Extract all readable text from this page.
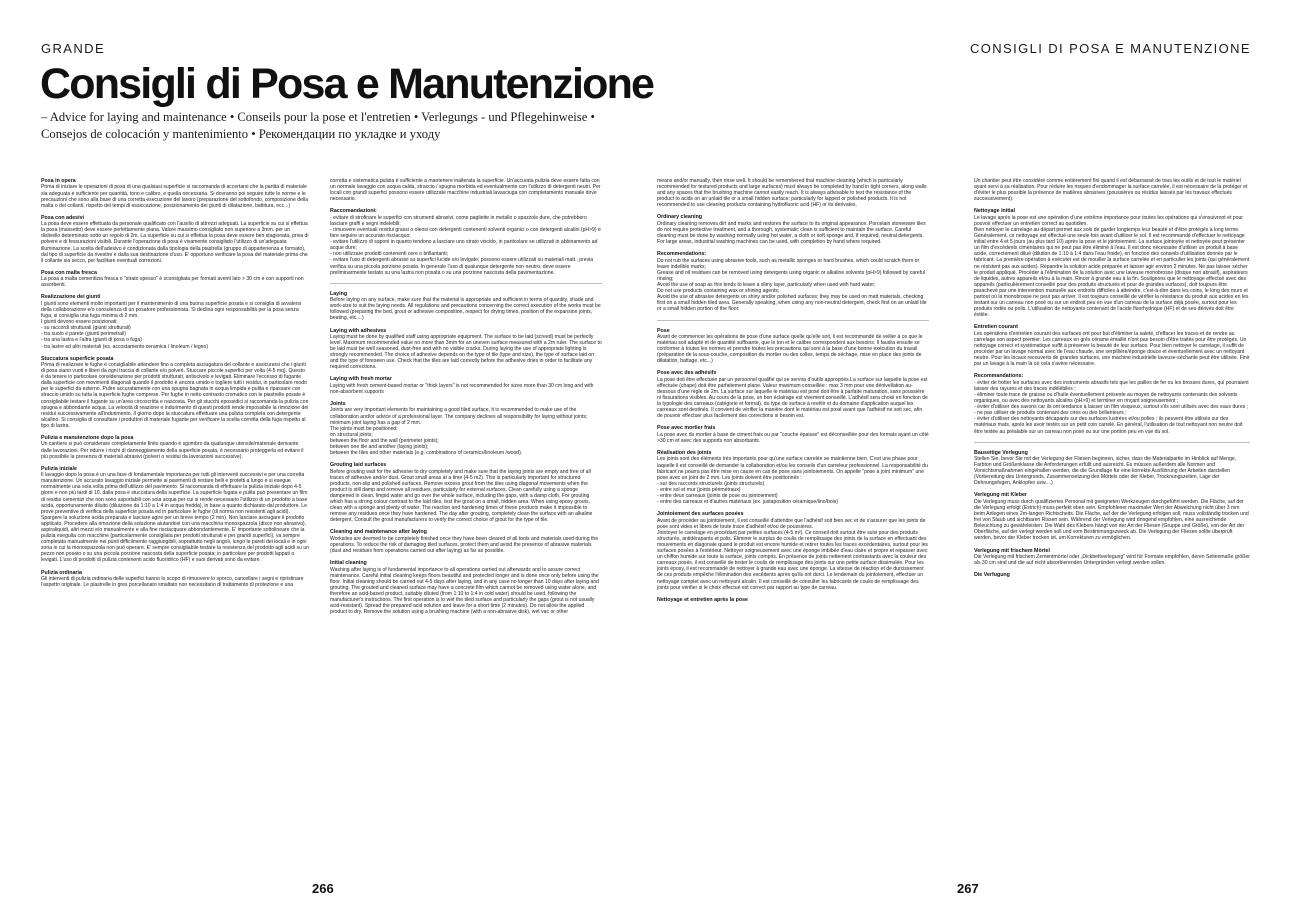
GRANDE	CONSIGLI DI POSA E MANUTENZIONE
Consigli di Posa e Manutenzione

– Advice for laying and maintenance • Conseils pour la pose et l'entretien • Verlegungs - und Pflegehinweise • Consejos de colocación y mantenimiento • Рекомендации по укладке и уходу

Posa in opera

Prima di iniziare le operazioni di posa di una qualsiasi superficie si raccomanda di accertarsi che la partita di materiale sia adeguata e sufficiente per quantità, tono e calibro, e quella necessaria. Si dovranno poi seguire tutte le norme e le precauzioni che sono alla base di una corretta esecuzione del lavoro (preparazione del sottofondo, composizione della malta o dei collanti, rispetto dei tempi di essiccazione, posizionamento dei giunti di dilatazione, battitura, ecc...)

Posa con adesivi

La posa deve essere effettuata da personale qualificato con l'ausilio di attrezzi adeguati. La superficie su cui si effettua la posa (massetto) deve essere perfettamente piana. Valore massimo consigliato non superiore a 3mm. per un dislivello determinato sotto un regolo di 2m. La superficie su cui si effettua la posa deve essere ben stagionata, priva di polvere e di fessurazioni visibili. Durante l'operazione di posa è vivamente consigliato l'utilizzo di un'adeguata illuminazione. La scelta dell'adesivo è condizionata dalla tipologia della piastrella (gruppo di appartenenza e formato), dal tipo di superficie da rivestire e dalla sua destinazione d'uso. E' opportuno verificare la posa del materiale prima che il collante sia secco, per facilitare eventuali correzioni.

Posa con malta fresca

La posa a malta cementizia fresca o "strato spesso" è sconsigliata per formati aventi lato > 30 cm e con supporti non assorbenti.

Realizzazione dei giunti

I giunti sono elementi molto importanti per il mantenimento di una buona superficie posata e si consiglia di avvalersi della collaborazione e/o consulenza di un posatore professionista. Si declina ogni responsabilità per la posa senza fuga; si consiglia una fuga minima di 2 mm.
I giunti devono essere posizionati:
- su raccordi strutturali (giunti strutturali)
- tra suolo e parete (giunti perimetrali)
- tra una lastra e l'altra (giunti di posa o fuga)
- tra lastre ed altri materiali (es. accostamento ceramica / linoleum / legno)

Stuccatura superficie posata

Prima di realizzare le fughe è consigliabile attendere fino a completa asciugatura del collante e assicurarsi che i giunti di posa siano vuoti e liberi da ogni traccia di collante e/o polveri. Stuccare piccole superfici per volta (4-5 mq). Questo è da tenere in particolare considerazione per prodotti strutturati, antiscivolo e levigati. Eliminare l'eccesso di fugante dalla superficie con movimenti diagonali quando il prodotto è ancora umido e togliere tutti i residui, in particolare modo per le superfici da esterno. Pulire accuratamente con una spugna bagnata in acqua limpida e pulita e ripassare con straccio umido su tutta la superficie fughe comprese. Per fughe in netto contrasto cromatico con le piastrelle posate è consigliabile testare il fugante su un'area circoscritta e nascosta. Per gli stucchi epossidici si raccomanda la pulizia con spugna e abbondante acqua. La velocità di reazione e indurimento di questi prodotti rende impossibile la rimozione dei residui successivamente all'indurimento. Il giorno dopo la stuccatura effettuare una pulizia completa con detergente alcalino. Si consiglia di consultare i produttori di materiale fugante per verificare la scelta corretta della fuga rispetto al tipo di lastra.

Pulizia e manutenzione dopo la posa

Un cantiere si può considerare completamente finito quando è sgombro da qualunque utensile/materiale derivante dalle lavorazioni. Per ridurre i rischi di danneggiamento della superficie posata, è necessario proteggerla ed evitare il più possibile la presenza di materiali abrasivi (polveri o residui da lavorazioni successive).

Pulizia iniziale

Il lavaggio dopo la posa è un una fase di fondamentale importanza per tutti gli interventi successivi e per una corretta manutenzione. Un accurato lavaggio iniziale permette ai pavimenti di restare belli e protetti a lungo e si esegue normalmente una sola volta prima dell'utilizzo del pavimento. Si raccomanda di effettuare la pulizia iniziale dopo 4-5 giorni e non più tardi di 10, dalla posa e stuccatura della superficie. La superficie fugata e pulita può presentare un film di residui cementizi che non sono asportabili con sola acqua per cui si rende necessario l'utilizzo di un prodotto a base acida, opportunamente diluito (diluizione da 1:10 a 1:4 in acqua fredda), in base a quanto dichiarato dal produttore. Le prove preventive di verifica della superficie posata ed in particolare le fughe (di norma non resistenti agli acidi). Spargere la soluzione acida preparata e lasciare agire per un breve tempo (2 min). Non lasciare asciugare il prodotto applicato. Procedere alla rimozione della soluzione aiutandosi con una macchina monospazzola (disco non abrasivo), aspiraliquidi, altri mezzi e/o manualmente e alla fine risciacquare abbondantemente. E' importante sottolineare che la pulizia eseguita con macchine (particolarmente consigliata per prodotti strutturati e per grandi superfici), va sempre completata manualmente nei punti difficilmente raggiungibili, soprattutto negli angoli, lungo le pareti dei locali e in ogni zona in cui la monospazzola non può operare. E' sempre consigliabile testare la resistenza del prodotto agli acidi su un pezzo non posato o su una piccola porzione nascosta della superficie posata; in particolare per prodotti lappati o levigati. L'uso di prodotti di pulizia contenenti acido fluoridrico (HF) e suoi derivati sono da evitare.

Pulizia ordinaria

Gli interventi di pulizia ordinaria delle superfici hanno lo scopo di rimuovere lo sporco, cancellare i segni e ripristinare l'aspetto originale. Le piastrelle in gres porcellanato smaltato non necessitano di trattamento di protezione e una

corretta e sistematica pulizia è sufficiente a mantenere inalterata la superficie. Un'accurata pulizia deve essere fatta con un normale lavaggio con acqua calda, straccio / spugna morbida ed eventualmente con l'utilizzo di detergenti neutri. Per locali con grandi superfici possono essere utilizzate macchine industriali lavasciuga con completamento manuale dove necessario.

Raccomandazioni:

- evitare di strofinare le superfici con strumenti abrasivi, come pagliette in metallo o spazzole dure, che potrebbero lasciare graffi e segni indelebili;
- rimuovere eventuali residui grassi o oleosi con detergenti contenenti solventi organici o con detergenti alcalini (pH>9) e fare seguire un accurato risciacquo;
- evitare l'utilizzo di saponi in quanto tendono a lasciare uno strato viscido, in particolare se utilizzati in abbinamento ad acque dure;
- non utilizzare prodotti contenenti cere o brillantanti;
- evitare l'uso di detergenti abrasivi su superfici lucide e/o levigate; possono essere utilizzati su materiali matt., previa verifica su una piccola porzione posata. In generale l'uso di qualunque detergente non neutro, deve essere preliminarmente testato su una lastra non posata o su una porzione nascosta della pavimentazione.

Laying

Before laying on any surface, make sure that the material is appropriate and sufficient in terms of quantity, shade and work-size to suit the laying needs. All regulations and precautions concerning the correct execution of the works must be followed (preparing the bed, grout or adhesive composition, respect for drying times, position of the expansion joints, beating, etc....)

Laying with adhesives

Laying must be done by qualified staff using appropriate equipment. The surface to be laid (screed) must be perfectly level. Maximum recommended value no more than 3mm for an uneven surface measured with a 2m ruler. The surface to be laid must be well seasoned, dust-free and with no visible cracks. During laying the use of appropriate lighting is strongly recommended. The choice of adhesive depends on the type of tile (type and size), the type of surface laid on and the type of foreseen use. Check that the tiles are laid correctly before the adhesive dries in order to facilitate any required corrections.

Laying with fresh mortar

Laying with fresh cement-based mortar or "thick layers" is not recommended for sizes more than 30 cm long and with non-absorbent supports

Joints

Joints are very important elements for maintaining a good tiled surface, it is recommended to make use of the collaboration and/or advice of a professional layer. The company declines all responsibility for laying without joints; minimum joint laying has a gap of 2 mm.
The joints must be positioned:
on structural joints;
between the floor and the wall (perimeter joints);
between one tile and another (laying joints);
between the tiles and other materials (e.g. combinations of ceramics/linoleum /wood).

Grouting laid surfaces

Before grouting wait for the adhesive to dry completely and make sure that the laying joints are empty and free of all traces of adhesive and/or dust. Grout small areas at a time (4-5 m2). This is particularly important for structured products, non-slip and polished surfaces. Remove excess grout from the tiles using diagonal movements when the product is still damp and remove all residues, particularly for external surfaces. Clean carefully using a sponge dampened in clean, limpid water and go over the whole surface, including the gaps, with a damp cloth. For grouting which has a strong colour contrast to the laid tiles, test the grout on a small, hidden area. When using epoxy grouts, clean with a sponge and plenty of water. The reaction and hardening times of these products make it impossible to remove any residues once they have hardened. The day after grouting, completely clean the surface with an alkaline detergent. Consult the grout manufacturers to verify the correct choice of grout for the type of tile.

Cleaning and maintenance after laying

Worksites are deemed to be completely finished once they have been cleared of all tools and materials used during the operations. To reduce the risk of damaging tiled surfaces, protect them and avoid the presence of abrasive materials (dust and residues from operations carried out after laying) as far as possible.

Initial cleaning

Washing after laying is of fundamental importance to all operations carried out afterwards and to assure correct maintenance. Careful initial cleaning keeps floors beautiful and protected longer and is done once only before using the floor. Initial cleaning should be carried out 4-5 days after laying, and in any case no longer than 10 days after laying and grouting. The grouted and cleaned surface may have a concrete film which cannot be removed using water alone, and therefore an acid-based product, suitably diluted (from 1:10 to 1:4 in cold water) should be used, following the manufacturer's instructions. The first operation is to wet the tiled surface and particularly the gaps (grout is not usually acid-resistant). Spread the prepared acid solution and leave for a short time (2 minutes). Do not allow the applied product to dry. Remove the solution using a brushing machine (with a non-abrasive disk), wet vac or other

means and/or manually, then rinse well. It should be remembered that machine cleaning (which is particularly recommended for textured products and large surfaces) must always be completed by hand in tight corners, along walls and any spaces that the brushing machine cannot easily reach. It is always advisable to test the resistance of the product to acids on an unlaid tile or a small hidden surface; particularly for lapped or polished products. It is not recommended to use cleaning products containing hydrofluoric acid (HF) or its derivates.

Ordinary cleaning

Ordinary cleaning removes dirt and marks and restores the surface to its original appearance. Porcelain stoneware tiles do not require protective treatment, and a thorough, systematic clean is sufficient to maintain the surface. Careful cleaning must be done by washing normally using hot water, a cloth or soft sponge and, if required, neutral detergents. For large areas, industrial washing machines can be used, with completion by hand where required.

Recommendations:

Do not rub the surfaces using abrasive tools, such as metallic sponges or hard brushes, which could scratch them or leave indelible marks;
Grease and oil residues can be removed using detergents using organic or alkaline solvents (pH>9) followed by careful rinsing;
Avoid the use of soap as this tends to leave a slimy layer, particularly when used with hard water;
Do not use products containing wax or shining agents;
Avoid the use of abrasive detergents on shiny and/or polished surfaces; they may be used on matt materials, checking first on a small hidden tiled area. Generally speaking, when using any non-neutral detergent, check first on an unlaid tile or a small hidden portion of the floor.

Pose

Avant de commencer les opérations de pose d'une surface quelle qu'elle soit, il est recommandé de veiller à ce que le matériau soit adapté et de quantité suffisante, que le ton et le calibre correspondent aux besoins. Il faudra ensuite se conformer à toutes les normes et prendre toutes les précautions qui sont à la base d'une bonne exécution du travail (préparation de la sous-couche, composition du mortier ou des colles, temps de séchage, mise en place des joints de dilatation, battage, etc...)

Pose avec des adhésifs

La pose doit être effectuée par un personnel qualifié qui se servira d'outils appropriés.La surface sur laquelle la pose est effectuée (chape) doit être parfaitement plane. Valeur maximum conseillée : max 3 mm pour une dénivellation au-dessous d'une règle de 2m. La surface sur laquelle le matériau est posé doit être à parfaite maturation, sans poussière ni fissurations visibles. Au cours de la pose, un bon éclairage est vivement conseillé. L'adhésif sera choisi en fonction de la typologie des carreaux (catégorie et format), du type de surface à revêtir et du domaine d'application auquel les carreaux sont destinés. Il convient de vérifier la manière dont le matériau est posé avant que l'adhésif ne soit sec, afin de pouvoir effectuer plus facilement des corrections si besoin est.

Pose avec mortier frais

La pose avec du mortier à base de ciment frais ou par "couche épaisse" est déconseillée pour des formats ayant un côté >30 cm et avec des supports non absorbants.

Réalisation des joints

Les joints sont des éléments très importants pour qu'une surface carrelée se maintienne bien. C'est une phase pour laquelle il est conseillé de demander la collaboration et/ou les conseils d'un carreleur professionnel. La responsabilité du fabricant ne pourra pas être mise en cause en cas de pose sans jointoiements. On appelle "pose à joint minimum" une pose avec un joint de 2 mm. Les joints doivent être positionnés :
- sur des raccords structurels (joints structurels)
- entre sol et mur (joints périmétraux)
- entre deux carreaux (joints de pose ou jointoiement)
- entre des carreaux et d'autres matériaux (ex. juxtaposition céramique/lino/bois)

Jointoiement des surfaces posées

Avant de procéder au jointoiement, il est conseillé d'attendre que l'adhésif soit bien sec et de s'assurer que les joints de pose sont vides et libres de toute trace d'adhésif et/ou de poussières.
Jointoyer le carrelage en procédant par petites surfaces (4-5 m²). Ce conseil doit surtout être suivi pour des produits structurés, antidérapants et polis. Éliminer le surplus de coulis de remplissage des joints de la surface en effectuant des mouvements en diagonale quand le produit est encore humide et retirer toutes les traces excédentaires, surtout pour les surfaces posées à l'extérieur. Nettoyer soigneusement avec une éponge imbibée d'eau claire et propre et repasser avec un chiffon humide sur toute la surface, joints compris. En présence de joints nettement contrastants avec la couleur des carreaux posés, il est conseillé de tester le coulis de remplissage des joints sur une petite surface dissimulée. Pour les joints époxy, il est recommandé de nettoyer à grande eau avec une éponge. La vitesse de réaction et de durcissement de ces produits empêche l'élimination des excédents après qu'ils ont durci. Le lendemain du jointoiement, effectuer un nettoyage complet avec un nettoyant alcalin. Il est conseillé de consulter les fabricants de coulis de remplissage des joints pour vérifier si le choix effectué est correct par rapport au type de carreau.

Nettoyage et entretien après la pose

Un chantier peut être considéré comme entièrement fini quand il est débarrassé de tous les outils et de tout le matériel ayant servi à sa réalisation. Pour réduire les risques d'endommager la surface carrelée, il est nécessaire de la protéger et d'éviter le plus possible la présence de matières abrasives (poussières ou résidus laissés par les travaux effectués successivement).

Nettoyage initial

Le lavage après la pose est une opération d'une extrême importance pour toutes les opérations qui s'ensuivront et pour pouvoir effectuer un entretien correct au quotidien.
Bien nettoyer le carrelage au départ permet aux sols de garder longtemps leur beauté et d'être protégés à long terme. Généralement, ce nettoyage est effectué une seule fois avant d'utiliser le sol. Il est recommandé d'effectuer le nettoyage initial entre 4 et 5 jours (au plus tard 10) après la pose et le jointoiement. La surface jointoyée et nettoyée peut présenter un film d'excédents cimentaires qui ne peut pas être éliminé à l'eau. Il est donc nécessaire d'utiliser un produit à base acide, correctement dilué (dilution de 1:10 à 1:4 dans l'eau froide), en fonction des conseils d'utilisation donnés par le fabricant. La première opération à exécuter est de mouiller la surface carrelée et en particulier les joints (qui généralement ne résistent pas aux acides). Répandre la solution acide préparée et laisser agir environ 2 minutes. Ne pas laisser sécher le produit appliqué. Procéder à l'élimination de la solution avec une laveuse monobrosse (disque non abrasif), aspirateurs de liquides, autres appareils et/ou à la main. Rincer à grande eau à la fin. Soulignons que le nettoyage effectué avec des appareils (particulièrement conseillé pour des produits structurés et pour de grandes surfaces), doit toujours être parachevé par une intervention manuelle aux endroits difficiles à atteindre, c'est-à-dire dans les coins, le long des murs et partout où la monobrosse ne peut pas arriver. Il est toujours conseillé de vérifier la résistance du produit aux acides en les testant sur un carreau non posé ou sur un endroit peu en vue d'un carreau de la surface déjà posée, surtout pour les produits rodés ou polis. L'utilisation de nettoyants contenant de l'acide fluorhydrique (HF) et de ses dérivés doit être évitée.

Entretien courant

Les opérations d'entretien courant des surfaces ont pour but d'éliminer la saleté, d'effacer les traces et de rendre au carrelage son aspect premier. Les carreaux en grès cérame émaillé n'ont pas besoin d'être traités pour être protégés. Un nettoyage correct et systématique suffit à préserver la beauté de leur surface. Pour bien nettoyer le carrelage, il suffit de procéder par un lavage normal avec de l'eau chaude, une serpillière/éponge douce et éventuellement avec un nettoyant neutre. Pour les locaux recouverts de grandes surfaces, une machine industrielle laveuse-séchante peut être utilisée. Finir par un lavage à la main là où cela s'avère nécessaire.

Recommandations:

- éviter de frotter les surfaces avec des instruments abrasifs tels que les pailles de fer ou les brosses dures, qui pourraient laisser des rayures et des traces indélébiles ;
- éliminer toute trace de graisse ou d'huile éventuellement présente au moyen de nettoyants contenants des solvants organiques, ou avec des nettoyants alcalins (pH>9) et terminer en rinçant soigneusement ;
- éviter d'utiliser des savons car ils ont tendance à laisser un film visqueux, surtout s'ils sont utilisés avec des eaux dures ;
- ne pas utiliser de produits contenant des cires ou des brillanteurs ;
- éviter d'utiliser des nettoyants décapants sur des surfaces lustrées et/ou polies ; ils peuvent être utilisés sur des matériaux mats, après les avoir testés sur un petit coin carrelé. En général, l'utilisation de tout nettoyant non neutre doit être testée au préalable sur un carreau non posé ou sur une portion peu en vue du sol.

Bauseitige Verlegung

Stellen Sie, bevor Sie mit der Verlegung der Fliesen beginnen, sicher, dass die Materialpartie im Hinblick auf Menge, Farbton und Größenklasse die Anforderungen erfüllt und ausreicht. Es müssen außerdem alle Normen und Vorsichtsmaßnahmen eingehalten werden, die die Grundlage für eine korrekte Ausführung der Arbeiten darstellen (Vorbereitung des Untergrunds, Zusammensetzung des Mörtels oder der Kleber, Trocknungszeiten, Lage der Dehnungsfugen, Anklopfen usw....)

Verlegung mit Kleber

Die Verlegung muss durch qualifiziertes Personal mit geeigneten Werkzeugen durchgeführt werden. Die Fläche, auf der die Verlegung erfolgt (Estrich) muss perfekt eben sein. Empfohlener maximaler Wert der Abweichung nicht über 3 mm beim Anlegen eines 2m-langen Richtscheits. Die Fläche, auf der die Verlegung erfolgen soll, muss vollständig trocken und frei von Staub und sichtbaren Rissen sein. Während der Verlegung wird dringend empfohlen, eine ausreichende Beleuchtung zu gewährleisten. Die Wahl des Klebers hängt von der Art der Fliesen (Gruppe und Größe), von der Art der Oberfläche, auf der verlegt werden soll und vom Bestimmungszweck ab. Die Verlegung der Fliesen sollte überprüft werden, bevor der Kleber trocken ist, um Korrekturen zu ermöglichen.

Verlegung mit frischem Mörtel

Die Verlegung mit frischem Zementmörtel oder „Dickbettverlegung" wird für Formate empfohlen, deren Seitenmaße größer als 30 cm sind und die auf nicht absorbierenden Untergründen verlegt werden sollen.

Die Verfugung
266	267
